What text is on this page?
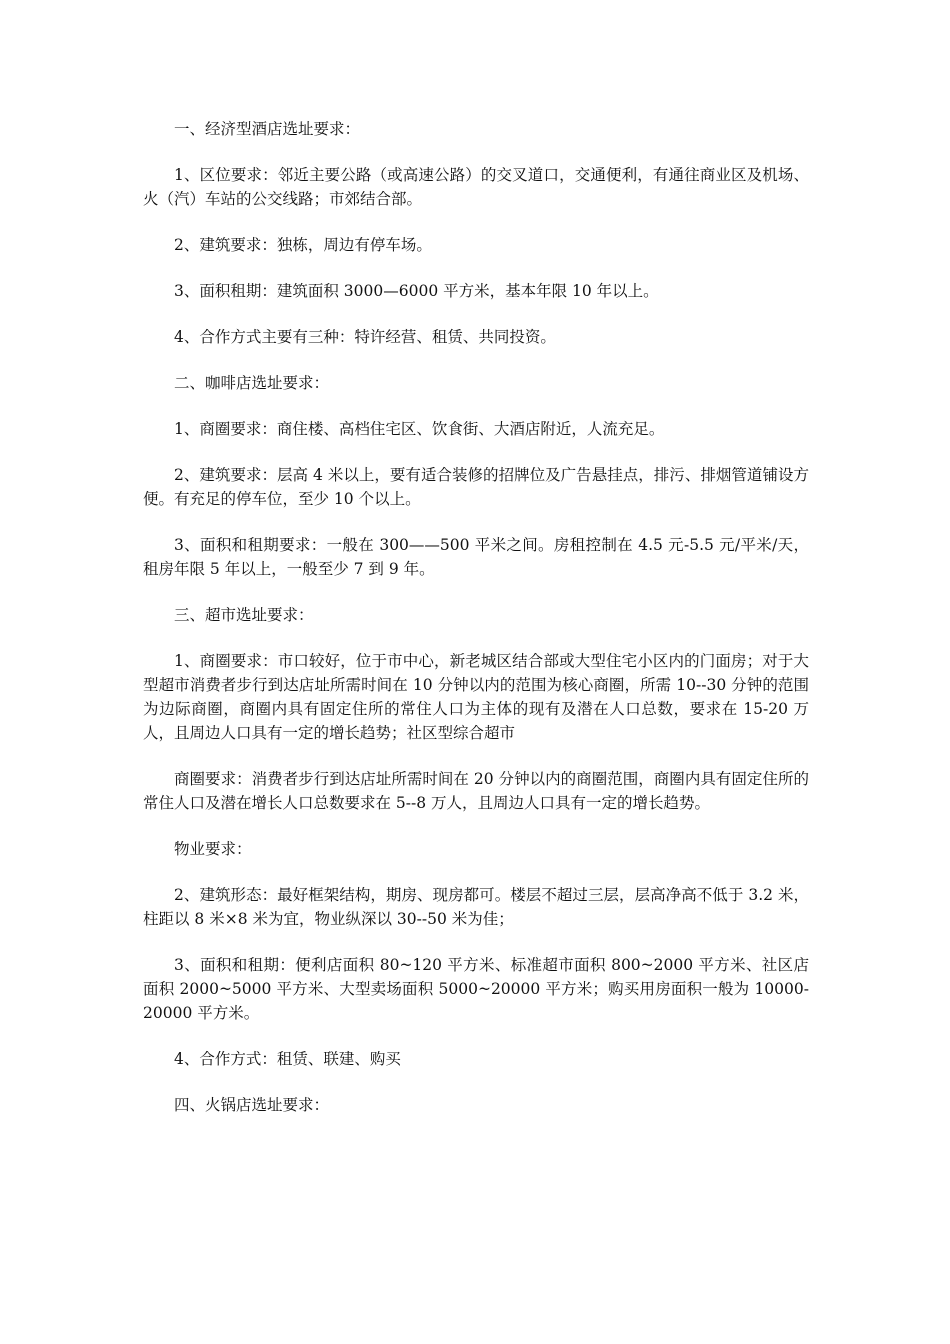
一、经济型酒店选址要求：

1、区位要求：邻近主要公路（或高速公路）的交叉道口，交通便利，有通往商业区及机场、火（汽）车站的公交线路；市郊结合部。

2、建筑要求：独栋，周边有停车场。

3、面积租期：建筑面积 3000—6000 平方米，基本年限 10 年以上。

4、合作方式主要有三种：特许经营、租赁、共同投资。

二、咖啡店选址要求：

1、商圈要求：商住楼、高档住宅区、饮食街、大酒店附近，人流充足。

2、建筑要求：层高 4 米以上，要有适合装修的招牌位及广告悬挂点，排污、排烟管道铺设方便。有充足的停车位，至少 10 个以上。

3、面积和租期要求：一般在 300——500 平米之间。房租控制在 4.5 元-5.5 元/平米/天，租房年限 5 年以上，一般至少 7 到 9 年。

三、超市选址要求：

1、商圈要求：市口较好，位于市中心，新老城区结合部或大型住宅小区内的门面房；对于大型超市消费者步行到达店址所需时间在 10 分钟以内的范围为核心商圈，所需 10--30 分钟的范围为边际商圈，商圈内具有固定住所的常住人口为主体的现有及潜在人口总数，要求在 15-20 万人，且周边人口具有一定的增长趋势；社区型综合超市

商圈要求：消费者步行到达店址所需时间在 20 分钟以内的商圈范围，商圈内具有固定住所的常住人口及潜在增长人口总数要求在 5--8 万人，且周边人口具有一定的增长趋势。

物业要求：

2、建筑形态：最好框架结构，期房、现房都可。楼层不超过三层，层高净高不低于 3.2 米，柱距以 8 米×8 米为宜，物业纵深以 30--50 米为佳；

3、面积和租期：便利店面积 80~120 平方米、标准超市面积 800~2000 平方米、社区店面积 2000~5000 平方米、大型卖场面积 5000~20000 平方米；购买用房面积一般为 10000-20000 平方米。

4、合作方式：租赁、联建、购买

四、火锅店选址要求：
